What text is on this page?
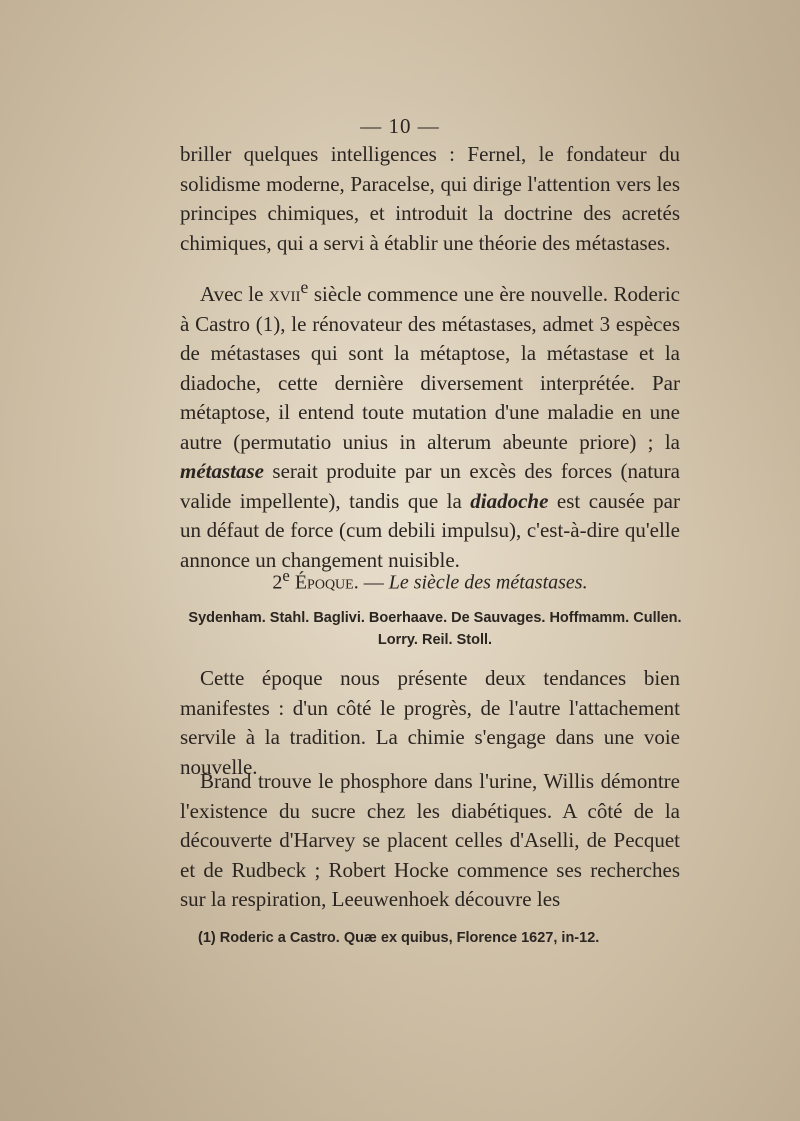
— 10 —

briller quelques intelligences : Fernel, le fondateur du solidisme moderne, Paracelse, qui dirige l'attention vers les principes chimiques, et introduit la doctrine des acretés chimiques, qui a servi à établir une théorie des métastases.

Avec le xvii$^e$ siècle commence une ère nouvelle. Roderic à Castro (1), le rénovateur des métastases, admet 3 espèces de métastases qui sont la métaptose, la métastase et la diadoche, cette dernière diversement interprétée. Par métaptose, il entend toute mutation d'une maladie en une autre (permutatio unius in alterum abeunte priore) ; la métastase serait produite par un excès des forces (natura valide impellente), tandis que la diadoche est causée par un défaut de force (cum debili impulsu), c'est-à-dire qu'elle annonce un changement nuisible.

2e Époque. — Le siècle des métastases.
Sydenham. Stahl. Baglivi. Boerhaave. De Sauvages. Hoffmamm. Cullen.
Lorry. Reil. Stoll.

Cette époque nous présente deux tendances bien manifestes : d'un côté le progrès, de l'autre l'attachement servile à la tradition. La chimie s'engage dans une voie nouvelle.

Brand trouve le phosphore dans l'urine, Willis démontre l'existence du sucre chez les diabétiques. A côté de la découverte d'Harvey se placent celles d'Aselli, de Pecquet et de Rudbeck ; Robert Hocke commence ses recherches sur la respiration, Leeuwenhoek découvre les

(1) Roderic a Castro. Quæ ex quibus, Florence 1627, in-12.
